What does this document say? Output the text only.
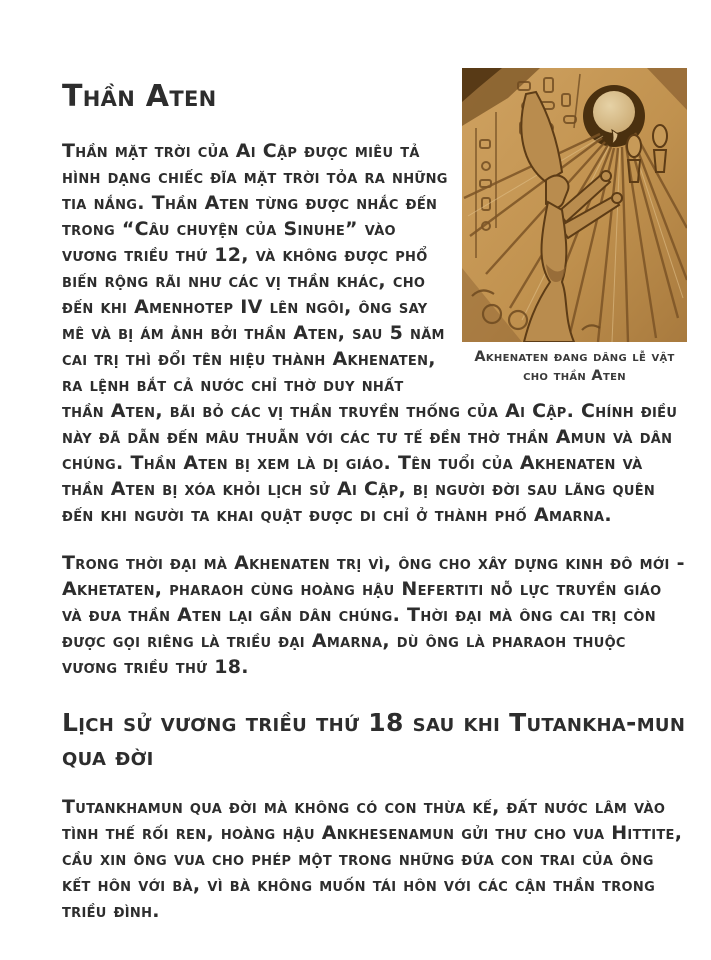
Akhenaten đang dâng lễ vật cho thần Aten
Thần Aten

Thần mặt trời của Ai Cập được miêu tả hình dạng chiếc đĩa mặt trời tỏa ra những tia nắng. Thần Aten từng được nhắc đến trong “Câu chuyện của Sinuhe” vào vương triều thứ 12, và không được phổ biến rộng rãi như các vị thần khác, cho đến khi Amenhotep IV lên ngôi, ông say mê và bị ám ảnh bởi thần Aten, sau 5 năm cai trị thì đổi tên hiệu thành Akhenaten, ra lệnh bắt cả nước chỉ thờ duy nhất thần Aten, bãi bỏ các vị thần truyền thống của Ai Cập. Chính điều này đã dẫn đến mâu thuẫn với các tư tế đền thờ thần Amun và dân chúng. Thần Aten bị xem là dị giáo. Tên tuổi của Akhenaten và thần Aten bị xóa khỏi lịch sử Ai Cập, bị người đời sau lãng quên đến khi người ta khai quật được di chỉ ở thành phố Amarna.

Trong thời đại mà Akhenaten trị vì, ông cho xây dựng kinh đô mới - Akhetaten, pharaoh cùng hoàng hậu Nefertiti nỗ lực truyền giáo và đưa thần Aten lại gần dân chúng. Thời đại mà ông cai trị còn được gọi riêng là triều đại Amarna, dù ông là pharaoh thuộc vương triều thứ 18.

Lịch sử vương triều thứ 18 sau khi Tutankha-mun qua đời

Tutankhamun qua đời mà không có con thừa kế, đất nước lâm vào tình thế rối ren, hoàng hậu Ankhesenamun gửi thư cho vua Hittite, cầu xin ông vua cho phép một trong những đứa con trai của ông kết hôn với bà, vì bà không muốn tái hôn với các cận thần trong triều đình.
